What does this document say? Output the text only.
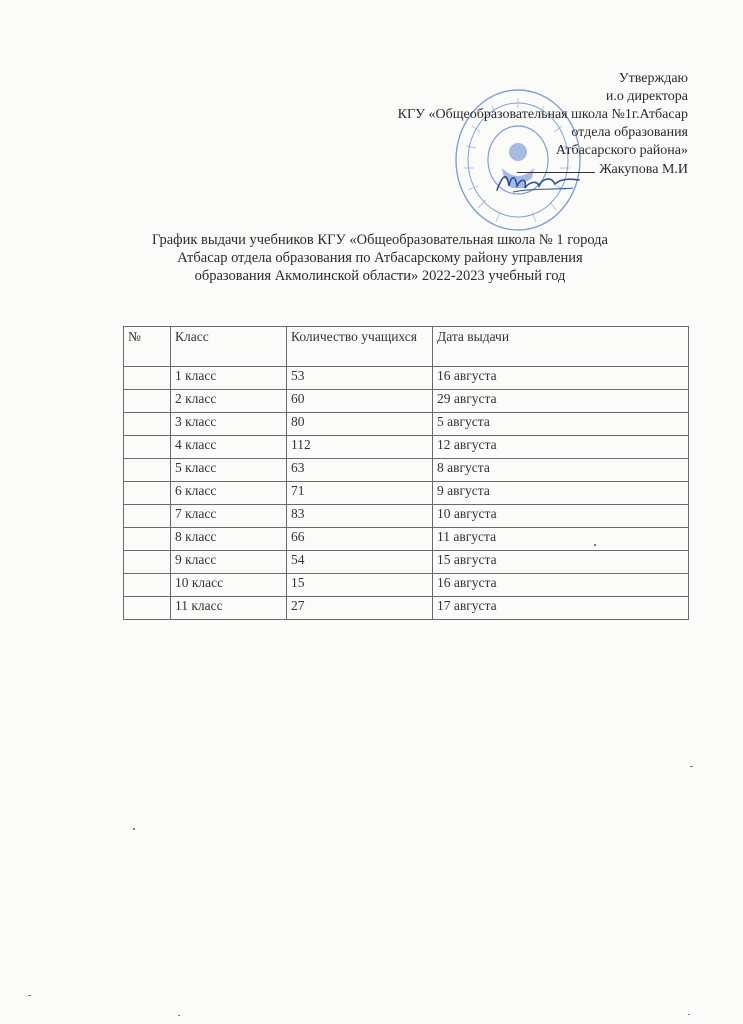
Утверждаю
и.о директора
КГУ «Общеобразовательная школа №1г.Атбасар
отдела образования
Атбасарского района»
Жакупова М.И
График выдачи учебников КГУ «Общеобразовательная школа № 1 города
Атбасар отдела образования по Атбасарскому району управления
образования Акмолинской области» 2022-2023 учебный год
№	Класс	Количество учащихся	Дата выдачи
	1 класс	53	16 августа
	2 класс	60	29 августа
	3 класс	80	5 августа
	4 класс	112	12 августа
	5 класс	63	8 августа
	6 класс	71	9 августа
	7 класс	83	10 августа
	8 класс	66	11 августа
	9 класс	54	15 августа
	10 класс	15	16 августа
	11 класс	27	17 августа
